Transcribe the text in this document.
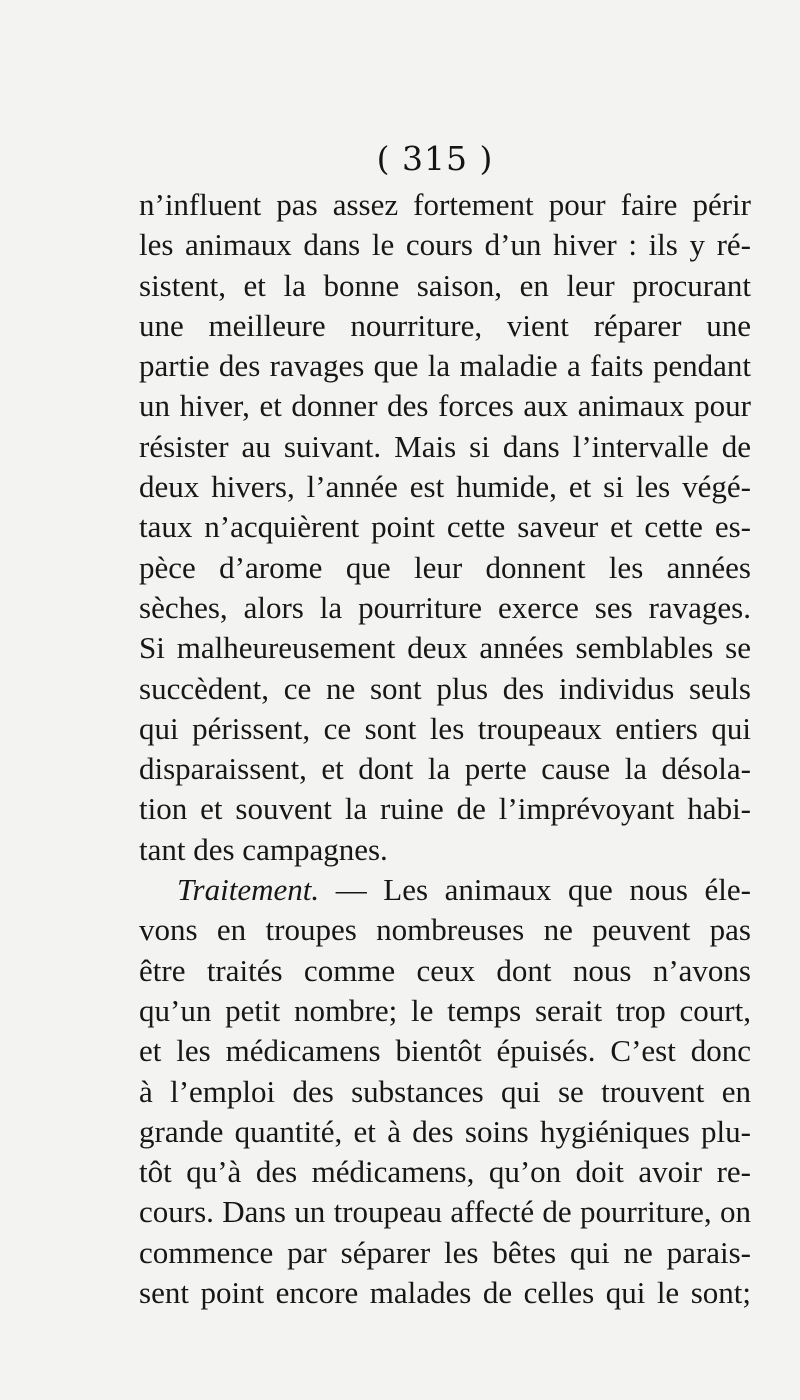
( 315 )
n’influent pas assez fortement pour faire périr
les animaux dans le cours d’un hiver : ils y ré-
sistent, et la bonne saison, en leur procurant
une meilleure nourriture, vient réparer une
partie des ravages que la maladie a faits pendant
un hiver, et donner des forces aux animaux pour
résister au suivant. Mais si dans l’intervalle de
deux hivers, l’année est humide, et si les végé-
taux n’acquièrent point cette saveur et cette es-
pèce d’arome que leur donnent les années
sèches, alors la pourriture exerce ses ravages.
Si malheureusement deux années semblables se
succèdent, ce ne sont plus des individus seuls
qui périssent, ce sont les troupeaux entiers qui
disparaissent, et dont la perte cause la désola-
tion et souvent la ruine de l’imprévoyant habi-
tant des campagnes.
Traitement. — Les animaux que nous éle-
vons en troupes nombreuses ne peuvent pas
être traités comme ceux dont nous n’avons
qu’un petit nombre; le temps serait trop court,
et les médicamens bientôt épuisés. C’est donc
à l’emploi des substances qui se trouvent en
grande quantité, et à des soins hygiéniques plu-
tôt qu’à des médicamens, qu’on doit avoir re-
cours. Dans un troupeau affecté de pourriture, on
commence par séparer les bêtes qui ne parais-
sent point encore malades de celles qui le sont;
